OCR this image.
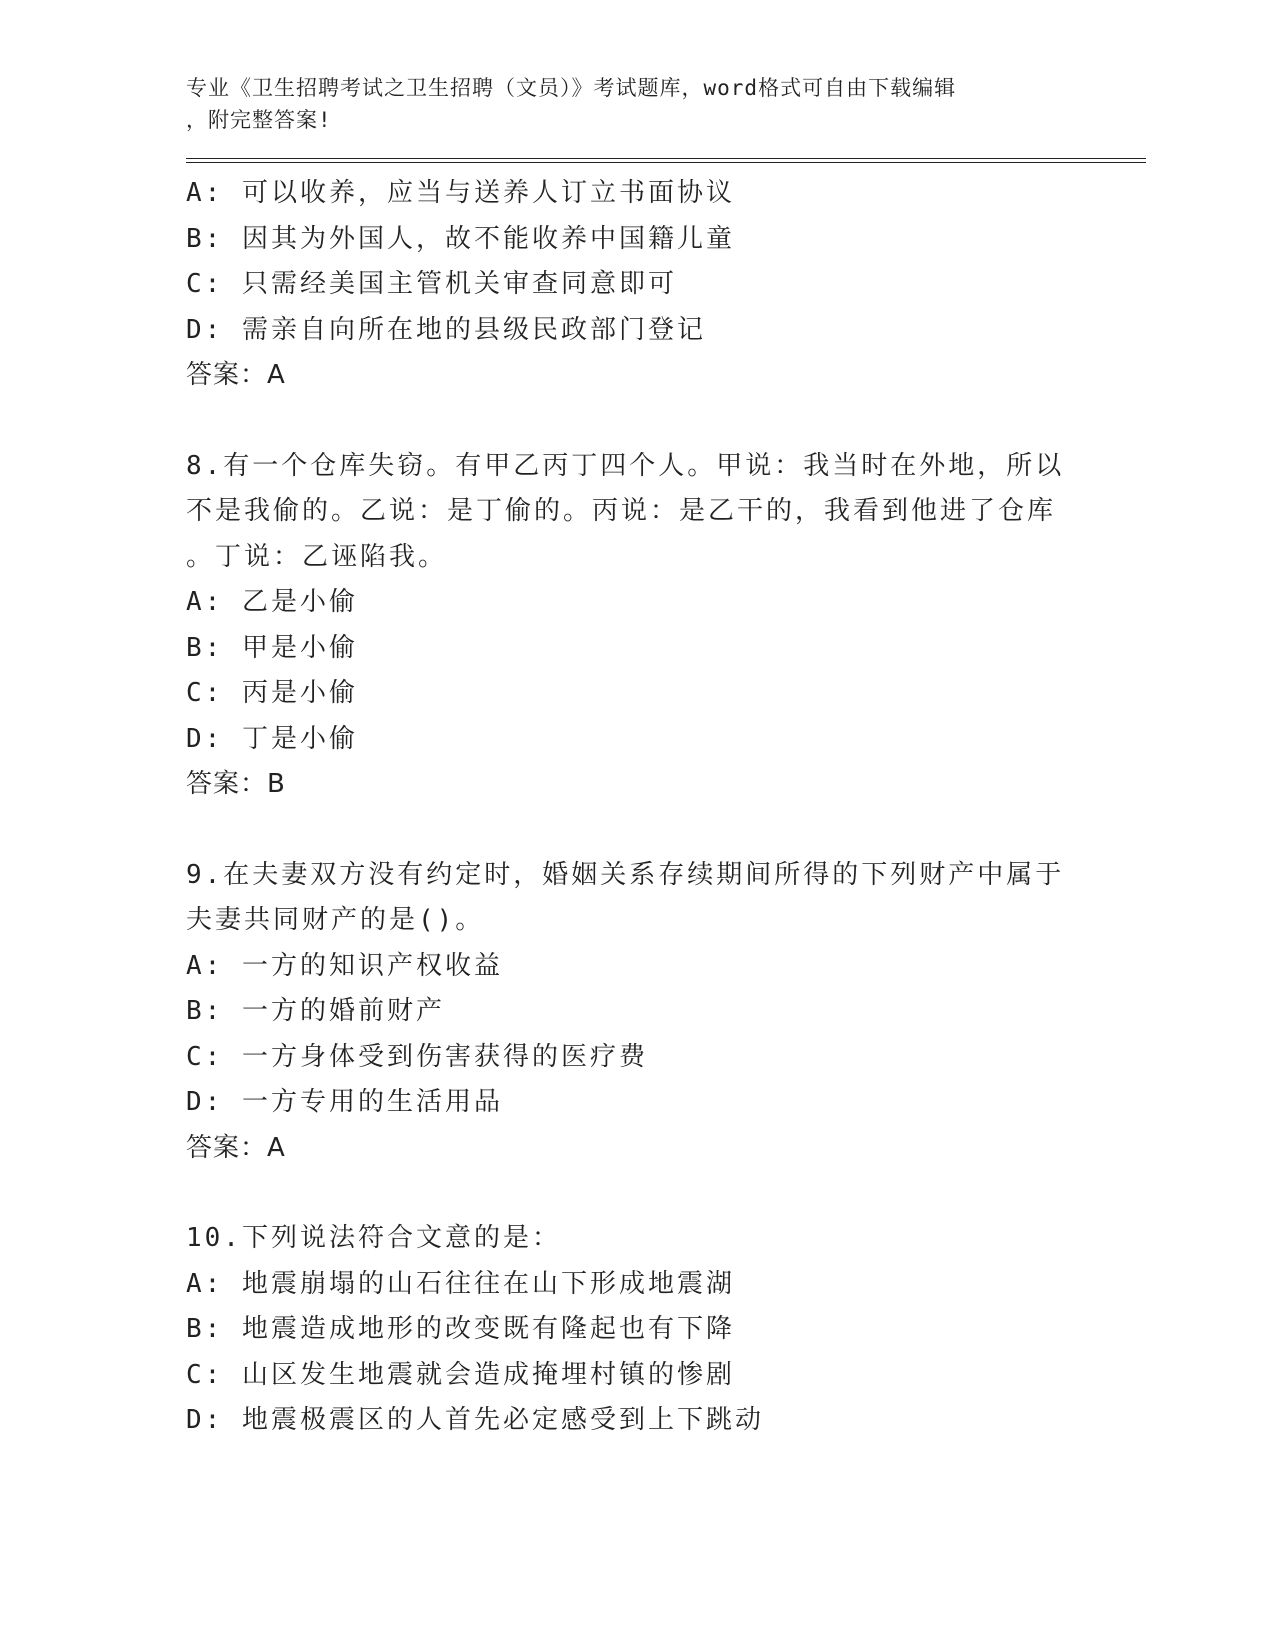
专业《卫生招聘考试之卫生招聘（文员）》考试题库，word格式可自由下载编辑
，附完整答案!
A: 可以收养，应当与送养人订立书面协议
B: 因其为外国人，故不能收养中国籍儿童
C: 只需经美国主管机关审查同意即可
D: 需亲自向所在地的县级民政部门登记
答案：A
8.有一个仓库失窃。有甲乙丙丁四个人。甲说：我当时在外地，所以
不是我偷的。乙说：是丁偷的。丙说：是乙干的，我看到他进了仓库
。丁说：乙诬陷我。
A: 乙是小偷
B: 甲是小偷
C: 丙是小偷
D: 丁是小偷
答案：B
9.在夫妻双方没有约定时，婚姻关系存续期间所得的下列财产中属于
夫妻共同财产的是()。
A: 一方的知识产权收益
B: 一方的婚前财产
C: 一方身体受到伤害获得的医疗费
D: 一方专用的生活用品
答案：A
10.下列说法符合文意的是：
A: 地震崩塌的山石往往在山下形成地震湖
B: 地震造成地形的改变既有隆起也有下降
C: 山区发生地震就会造成掩埋村镇的惨剧
D: 地震极震区的人首先必定感受到上下跳动
